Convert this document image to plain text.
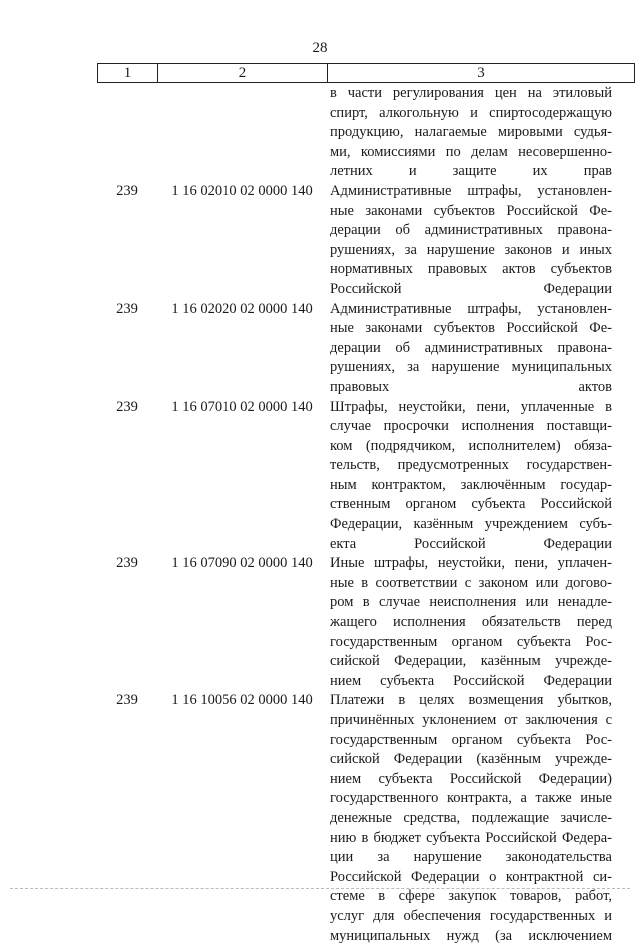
28
1	2	3
в части регулирования цен на этиловый
спирт, алкогольную и спиртосодержащую
продукцию, налагаемые мировыми судья-
ми, комиссиями по делам несовершенно-
летних и защите их прав
239	1 16 02010 02 0000 140	Административные штрафы, установлен-
ные законами субъектов Российской Фе-
дерации об административных правона-
рушениях, за нарушение законов и иных
нормативных правовых актов субъектов
Российской Федерации
239	1 16 02020 02 0000 140	Административные штрафы, установлен-
ные законами субъектов Российской Фе-
дерации об административных правона-
рушениях, за нарушение муниципальных
правовых актов
239	1 16 07010 02 0000 140	Штрафы, неустойки, пени, уплаченные в
случае просрочки исполнения поставщи-
ком (подрядчиком, исполнителем) обяза-
тельств, предусмотренных государствен-
ным контрактом, заключённым государ-
ственным органом субъекта Российской
Федерации, казённым учреждением субъ-
екта Российской Федерации
239	1 16 07090 02 0000 140	Иные штрафы, неустойки, пени, уплачен-
ные в соответствии с законом или догово-
ром в случае неисполнения или ненадле-
жащего исполнения обязательств перед
государственным органом субъекта Рос-
сийской Федерации, казённым учрежде-
нием субъекта Российской Федерации
239	1 16 10056 02 0000 140	Платежи в целях возмещения убытков,
причинённых уклонением от заключения с
государственным органом субъекта Рос-
сийской Федерации (казённым учрежде-
нием субъекта Российской Федерации)
государственного контракта, а также иные
денежные средства, подлежащие зачисле-
нию в бюджет субъекта Российской Федера-
ции за нарушение законодательства
Российской Федерации о контрактной си-
стеме в сфере закупок товаров, работ,
услуг для обеспечения государственных и
муниципальных нужд (за исключением
